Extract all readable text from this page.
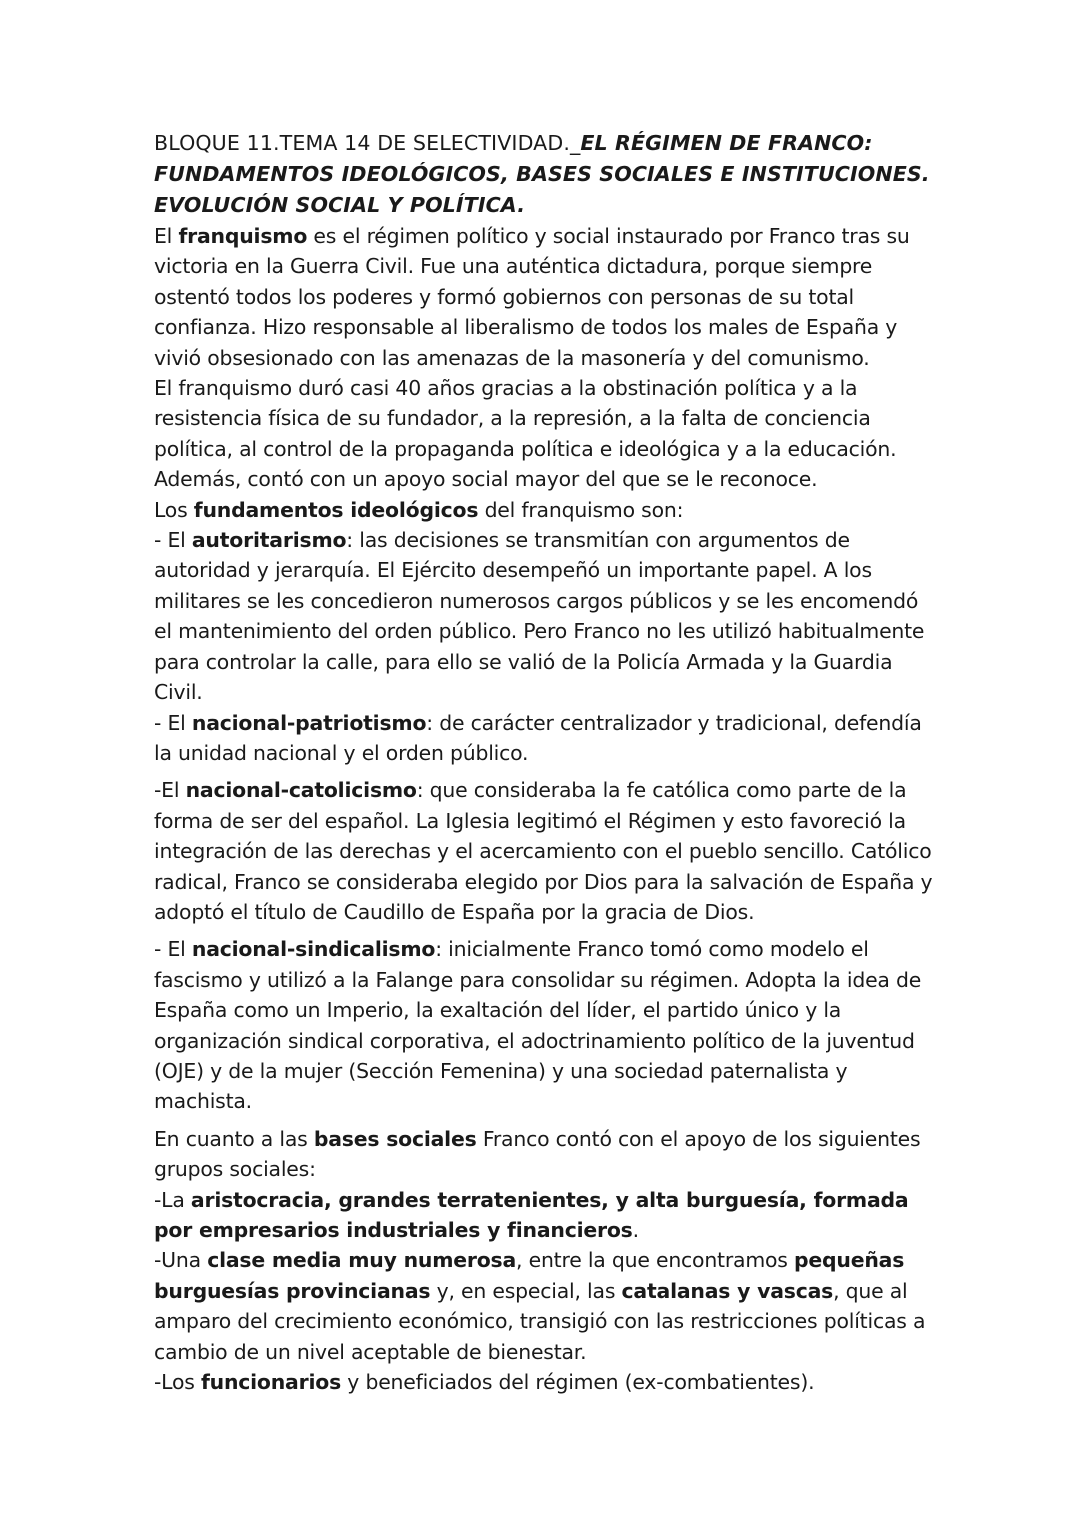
BLOQUE 11.TEMA 14 DE SELECTIVIDAD._EL RÉGIMEN DE FRANCO: FUNDAMENTOS IDEOLÓGICOS, BASES SOCIALES E INSTITUCIONES. EVOLUCIÓN SOCIAL Y POLÍTICA.

El franquismo es el régimen político y social instaurado por Franco tras su victoria en la Guerra Civil. Fue una auténtica dictadura, porque siempre ostentó todos los poderes y formó gobiernos con personas de su total confianza. Hizo responsable al liberalismo de todos los males de España y vivió obsesionado con las amenazas de la masonería y del comunismo.

El franquismo duró casi 40 años gracias a la obstinación política y a la resistencia física de su fundador, a la represión, a la falta de conciencia política, al control de la propaganda política e ideológica y a la educación. Además, contó con un apoyo social mayor del que se le reconoce.

Los fundamentos ideológicos del franquismo son:

- El autoritarismo: las decisiones se transmitían con argumentos de autoridad y jerarquía. El Ejército desempeñó un importante papel. A los militares se les concedieron numerosos cargos públicos y se les encomendó el mantenimiento del orden público. Pero Franco no les utilizó habitualmente para controlar la calle, para ello se valió de la Policía Armada y la Guardia Civil.

- El nacional-patriotismo: de carácter centralizador y tradicional, defendía la unidad nacional y el orden público.

-El nacional-catolicismo: que consideraba la fe católica como parte de la forma de ser del español. La Iglesia legitimó el Régimen y esto favoreció la integración de las derechas y el acercamiento con el pueblo sencillo. Católico radical, Franco se consideraba elegido por Dios para la salvación de España y adoptó el título de Caudillo de España por la gracia de Dios.

- El nacional-sindicalismo: inicialmente Franco tomó como modelo el fascismo y utilizó a la Falange para consolidar su régimen. Adopta la idea de España como un Imperio, la exaltación del líder, el partido único y la organización sindical corporativa, el adoctrinamiento político de la juventud (OJE) y de la mujer (Sección Femenina) y una sociedad paternalista y machista.

En cuanto a las bases sociales Franco contó con el apoyo de los siguientes grupos sociales:

-La aristocracia, grandes terratenientes, y alta burguesía, formada por empresarios industriales y financieros.

-Una clase media muy numerosa, entre la que encontramos pequeñas burguesías provincianas y, en especial, las catalanas y vascas, que al amparo del crecimiento económico, transigió con las restricciones políticas a cambio de un nivel aceptable de bienestar.

-Los funcionarios y beneficiados del régimen (ex-combatientes).
